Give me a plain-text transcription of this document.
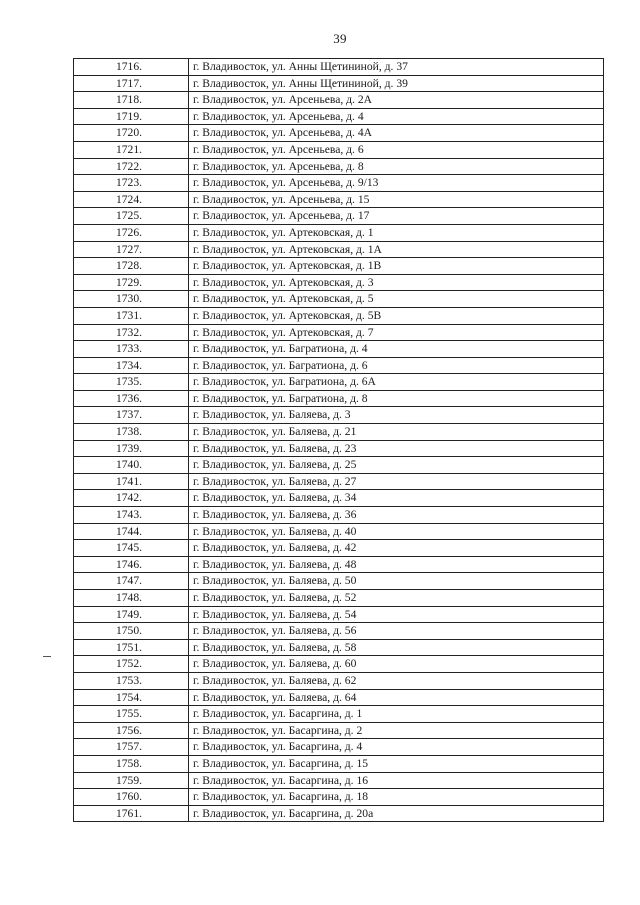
39
1716.	г. Владивосток, ул. Анны Щетининой, д. 37
1717.	г. Владивосток, ул. Анны Щетининой, д. 39
1718.	г. Владивосток, ул. Арсеньева, д. 2А
1719.	г. Владивосток, ул. Арсеньева, д. 4
1720.	г. Владивосток, ул. Арсеньева, д. 4А
1721.	г. Владивосток, ул. Арсеньева, д. 6
1722.	г. Владивосток, ул. Арсеньева, д. 8
1723.	г. Владивосток, ул. Арсеньева, д. 9/13
1724.	г. Владивосток, ул. Арсеньева, д. 15
1725.	г. Владивосток, ул. Арсеньева, д. 17
1726.	г. Владивосток, ул. Артековская, д. 1
1727.	г. Владивосток, ул. Артековская, д. 1А
1728.	г. Владивосток, ул. Артековская, д. 1В
1729.	г. Владивосток, ул. Артековская, д. 3
1730.	г. Владивосток, ул. Артековская, д. 5
1731.	г. Владивосток, ул. Артековская, д. 5В
1732.	г. Владивосток, ул. Артековская, д. 7
1733.	г. Владивосток, ул. Багратиона, д. 4
1734.	г. Владивосток, ул. Багратиона, д. 6
1735.	г. Владивосток, ул. Багратиона, д. 6А
1736.	г. Владивосток, ул. Багратиона, д. 8
1737.	г. Владивосток, ул. Баляева, д. 3
1738.	г. Владивосток, ул. Баляева, д. 21
1739.	г. Владивосток, ул. Баляева, д. 23
1740.	г. Владивосток, ул. Баляева, д. 25
1741.	г. Владивосток, ул. Баляева, д. 27
1742.	г. Владивосток, ул. Баляева, д. 34
1743.	г. Владивосток, ул. Баляева, д. 36
1744.	г. Владивосток, ул. Баляева, д. 40
1745.	г. Владивосток, ул. Баляева, д. 42
1746.	г. Владивосток, ул. Баляева, д. 48
1747.	г. Владивосток, ул. Баляева, д. 50
1748.	г. Владивосток, ул. Баляева, д. 52
1749.	г. Владивосток, ул. Баляева, д. 54
1750.	г. Владивосток, ул. Баляева, д. 56
1751.	г. Владивосток, ул. Баляева, д. 58
1752.	г. Владивосток, ул. Баляева, д. 60
1753.	г. Владивосток, ул. Баляева, д. 62
1754.	г. Владивосток, ул. Баляева, д. 64
1755.	г. Владивосток, ул. Басаргина, д. 1
1756.	г. Владивосток, ул. Басаргина, д. 2
1757.	г. Владивосток, ул. Басаргина, д. 4
1758.	г. Владивосток, ул. Басаргина, д. 15
1759.	г. Владивосток, ул. Басаргина, д. 16
1760.	г. Владивосток, ул. Басаргина, д. 18
1761.	г. Владивосток, ул. Басаргина, д. 20а
